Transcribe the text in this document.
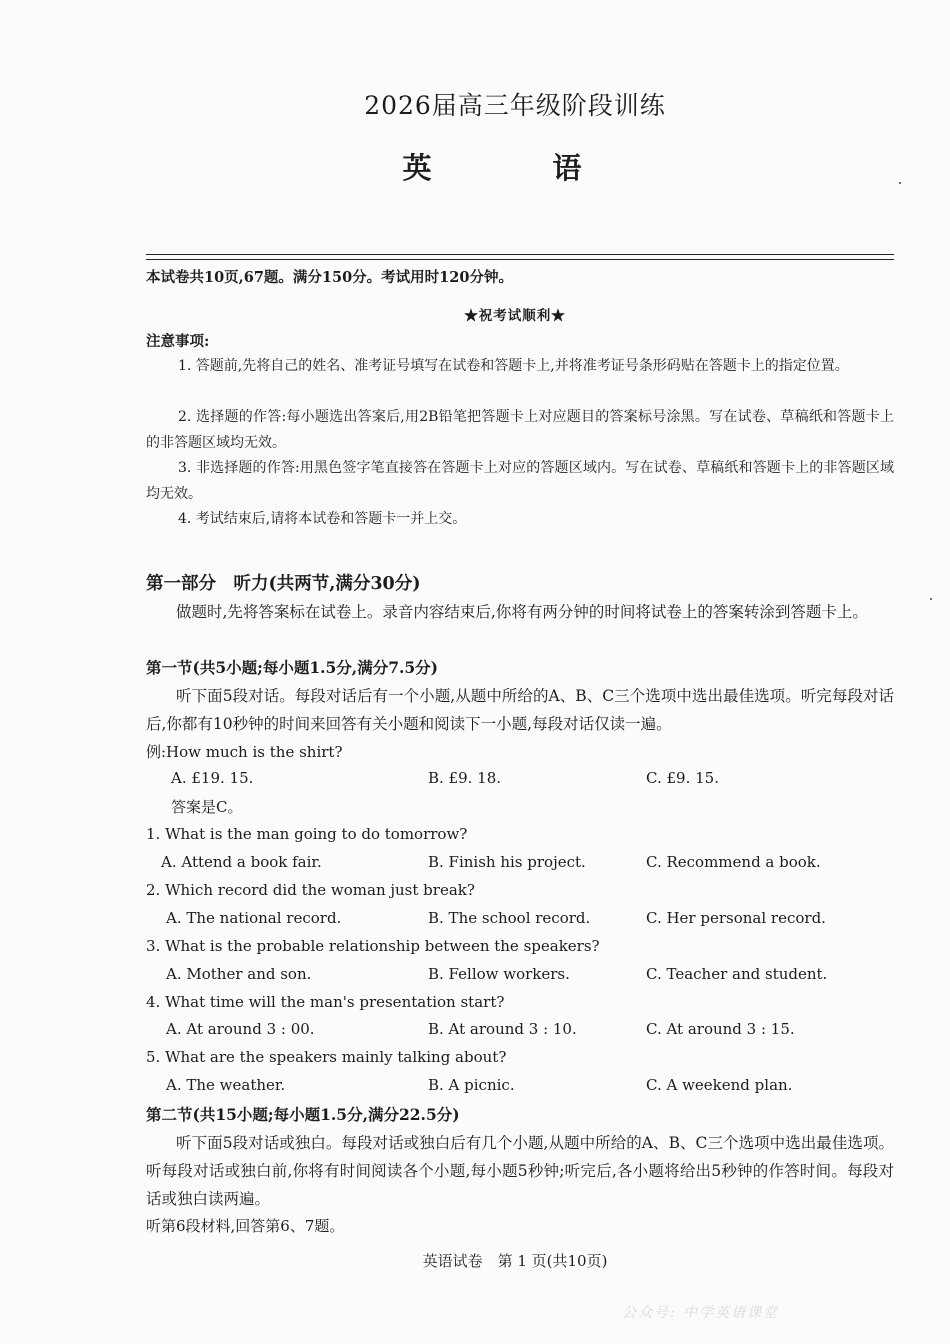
2026届高三年级阶段训练
英　语
本试卷共10页,67题。满分150分。考试用时120分钟。
★祝考试顺利★
注意事项:
1. 答题前,先将自己的姓名、准考证号填写在试卷和答题卡上,并将准考证号条形码贴在答题卡上的指定位置。
2. 选择题的作答:每小题选出答案后,用2B铅笔把答题卡上对应题目的答案标号涂黑。写在试卷、草稿纸和答题卡上的非答题区域均无效。
3. 非选择题的作答:用黑色签字笔直接答在答题卡上对应的答题区域内。写在试卷、草稿纸和答题卡上的非答题区域均无效。
4. 考试结束后,请将本试卷和答题卡一并上交。
第一部分　听力(共两节,满分30分)
做题时,先将答案标在试卷上。录音内容结束后,你将有两分钟的时间将试卷上的答案转涂到答题卡上。
第一节(共5小题;每小题1.5分,满分7.5分)
听下面5段对话。每段对话后有一个小题,从题中所给的A、B、C三个选项中选出最佳选项。听完每段对话后,你都有10秒钟的时间来回答有关小题和阅读下一小题,每段对话仅读一遍。
例:How much is the shirt?
A. £19. 15.	B. £9. 18.	C. £9. 15.
答案是C。
1. What is the man going to do tomorrow?
A. Attend a book fair.	B. Finish his project.	C. Recommend a book.
2. Which record did the woman just break?
A. The national record.	B. The school record.	C. Her personal record.
3. What is the probable relationship between the speakers?
A. Mother and son.	B. Fellow workers.	C. Teacher and student.
4. What time will the man's presentation start?
A. At around 3 : 00.	B. At around 3 : 10.	C. At around 3 : 15.
5. What are the speakers mainly talking about?
A. The weather.	B. A picnic.	C. A weekend plan.
第二节(共15小题;每小题1.5分,满分22.5分)
听下面5段对话或独白。每段对话或独白后有几个小题,从题中所给的A、B、C三个选项中选出最佳选项。听每段对话或独白前,你将有时间阅读各个小题,每小题5秒钟;听完后,各小题将给出5秒钟的作答时间。每段对话或独白读两遍。
听第6段材料,回答第6、7题。
英语试卷　第 1 页(共10页)
公众号: 中学英语课堂
